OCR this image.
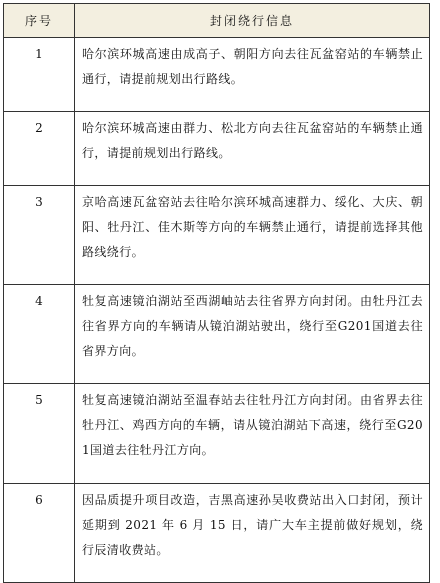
序号	封闭绕行信息
1	哈尔滨环城高速由成高子、朝阳方向去往瓦盆窑站的车辆禁止通行，请提前规划出行路线。
2	哈尔滨环城高速由群力、松北方向去往瓦盆窑站的车辆禁止通行，请提前规划出行路线。
3	京哈高速瓦盆窑站去往哈尔滨环城高速群力、绥化、大庆、朝阳、牡丹江、佳木斯等方向的车辆禁止通行，请提前选择其他路线绕行。
4	牡复高速镜泊湖站至西湖岫站去往省界方向封闭。由牡丹江去往省界方向的车辆请从镜泊湖站驶出，绕行至G201国道去往省界方向。
5	牡复高速镜泊湖站至温春站去往牡丹江方向封闭。由省界去往牡丹江、鸡西方向的车辆，请从镜泊湖站下高速，绕行至G201国道去往牡丹江方向。
6	因品质提升项目改造，吉黑高速孙吴收费站出入口封闭，预计延期到 2021 年 6 月 15 日，请广大车主提前做好规划，绕行辰清收费站。
